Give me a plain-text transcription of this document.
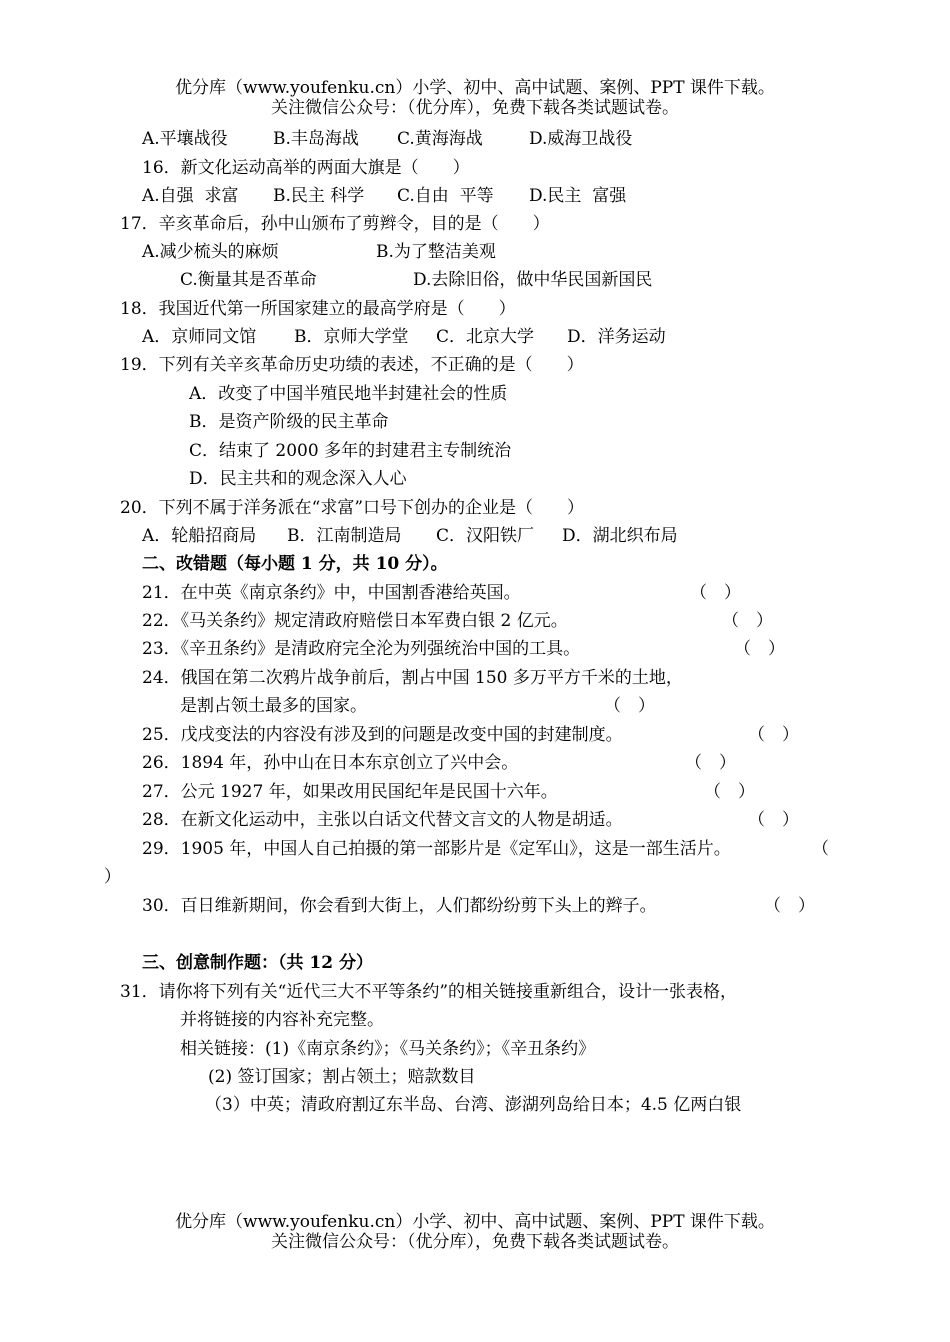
优分库（www.youfenku.cn）小学、初中、高中试题、案例、PPT 课件下载。
关注微信公众号：（优分库），免费下载各类试题试卷。
A.平壤战役	B.丰岛海战 C.黄海海战	D.威海卫战役
16．新文化运动高举的两面大旗是（　　）
A.自强  求富 B.民主 科学 C.自由  平等 D.民主  富强
17．辛亥革命后，孙中山颁布了剪辫令，目的是（　　）
A.减少梳头的麻烦	B.为了整洁美观
C.衡量其是否革命	D.去除旧俗，做中华民国新国民
18．我国近代第一所国家建立的最高学府是（　　）
A．京师同文馆 B．京师大学堂 C．北京大学 D．洋务运动
19．下列有关辛亥革命历史功绩的表述，不正确的是（　　）
A．改变了中国半殖民地半封建社会的性质
B．是资产阶级的民主革命
C．结束了 2000 多年的封建君主专制统治
D．民主共和的观念深入人心
20．下列不属于洋务派在“求富”口号下创办的企业是（　　）
A．轮船招商局 B．江南制造局 C．汉阳铁厂 D．湖北织布局
二、改错题（每小题 1 分，共 10 分）。
21．在中英《南京条约》中，中国割香港给英国。	（　）
22．《马关条约》规定清政府赔偿日本军费白银 2 亿元。	（　）
23．《辛丑条约》是清政府完全沦为列强统治中国的工具。	（　）
24．俄国在第二次鸦片战争前后，割占中国 150 多万平方千米的土地，
是割占领土最多的国家。	（　）
25．戊戌变法的内容没有涉及到的问题是改变中国的封建制度。	（　）
26．1894 年，孙中山在日本东京创立了兴中会。	（　）
27．公元 1927 年，如果改用民国纪年是民国十六年。	（　）
28．在新文化运动中，主张以白话文代替文言文的人物是胡适。	（　）
29．1905 年，中国人自己拍摄的第一部影片是《定军山》，这是一部生活片。	（
）
30．百日维新期间，你会看到大街上，人们都纷纷剪下头上的辫子。	（　）
三、创意制作题：（共 12 分）
31．请你将下列有关“近代三大不平等条约”的相关链接重新组合，设计一张表格，
并将链接的内容补充完整。
相关链接：(1)《南京条约》；《马关条约》；《辛丑条约》
(2) 签订国家；割占领土；赔款数目
（3）中英；清政府割辽东半岛、台湾、澎湖列岛给日本；4.5 亿两白银
优分库（www.youfenku.cn）小学、初中、高中试题、案例、PPT 课件下载。
关注微信公众号：（优分库），免费下载各类试题试卷。
